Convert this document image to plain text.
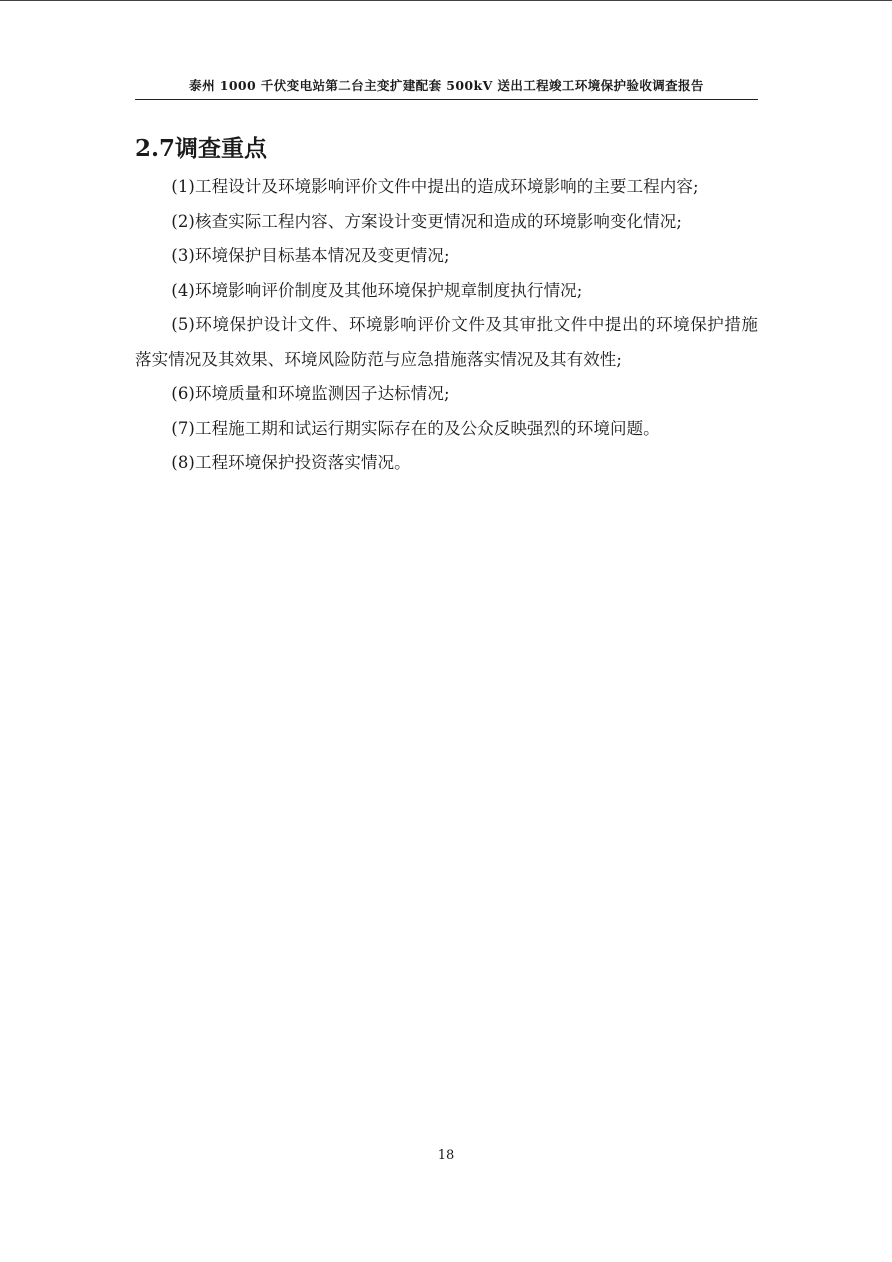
泰州 1000 千伏变电站第二台主变扩建配套 500kV 送出工程竣工环境保护验收调查报告
2.7调查重点

(1)工程设计及环境影响评价文件中提出的造成环境影响的主要工程内容;

(2)核查实际工程内容、方案设计变更情况和造成的环境影响变化情况;

(3)环境保护目标基本情况及变更情况;

(4)环境影响评价制度及其他环境保护规章制度执行情况;

(5)环境保护设计文件、环境影响评价文件及其审批文件中提出的环境保护措施落实情况及其效果、环境风险防范与应急措施落实情况及其有效性;

(6)环境质量和环境监测因子达标情况;

(7)工程施工期和试运行期实际存在的及公众反映强烈的环境问题。

(8)工程环境保护投资落实情况。

18
